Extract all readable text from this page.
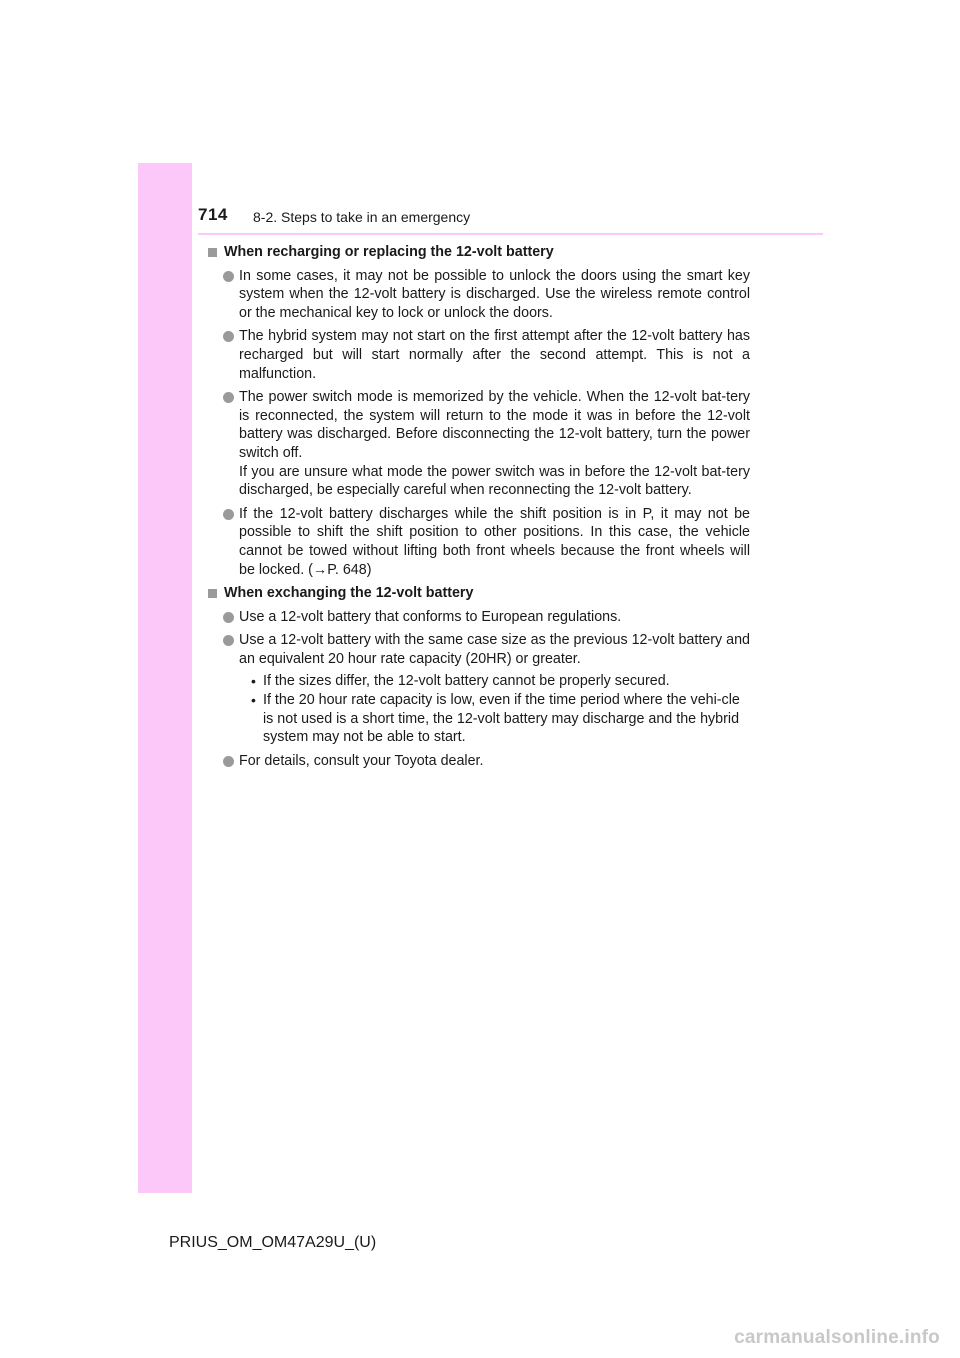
714 8-2. Steps to take in an emergency
When recharging or replacing the 12-volt battery
In some cases, it may not be possible to unlock the doors using the smart key system when the 12-volt battery is discharged. Use the wireless remote control or the mechanical key to lock or unlock the doors.
The hybrid system may not start on the first attempt after the 12-volt battery has recharged but will start normally after the second attempt. This is not a malfunction.
The power switch mode is memorized by the vehicle. When the 12-volt bat-tery is reconnected, the system will return to the mode it was in before the 12-volt battery was discharged. Before disconnecting the 12-volt battery, turn the power switch off.
If you are unsure what mode the power switch was in before the 12-volt bat-tery discharged, be especially careful when reconnecting the 12-volt battery.
If the 12-volt battery discharges while the shift position is in P, it may not be possible to shift the shift position to other positions. In this case, the vehicle cannot be towed without lifting both front wheels because the front wheels will be locked. (→P. 648)
When exchanging the 12-volt battery
Use a 12-volt battery that conforms to European regulations.
Use a 12-volt battery with the same case size as the previous 12-volt battery and an equivalent 20 hour rate capacity (20HR) or greater.
• If the sizes differ, the 12-volt battery cannot be properly secured.
• If the 20 hour rate capacity is low, even if the time period where the vehi-cle is not used is a short time, the 12-volt battery may discharge and the hybrid system may not be able to start.
For details, consult your Toyota dealer.
PRIUS_OM_OM47A29U_(U)
carmanualsonline.info
